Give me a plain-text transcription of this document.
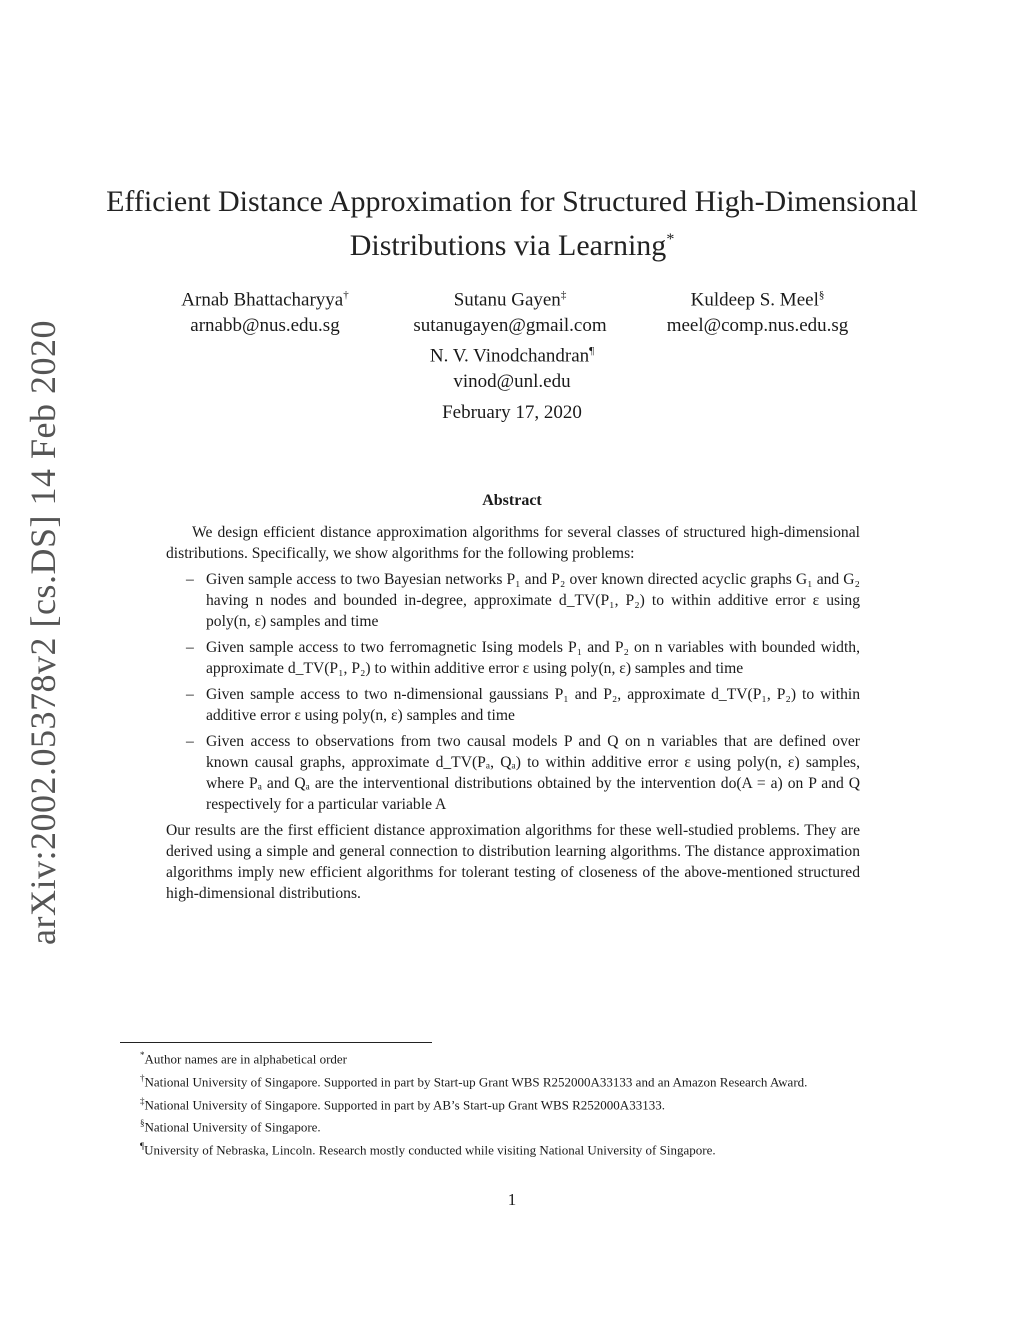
arXiv:2002.05378v2 [cs.DS] 14 Feb 2020
Efficient Distance Approximation for Structured High-Dimensional
Distributions via Learning*
Arnab Bhattacharyya†
arnabb@nus.edu.sg
Sutanu Gayen‡
sutanugayen@gmail.com
Kuldeep S. Meel§
meel@comp.nus.edu.sg
N. V. Vinodchandran¶
vinod@unl.edu
February 17, 2020
Abstract

We design efficient distance approximation algorithms for several classes of structured high-dimensional distributions. Specifically, we show algorithms for the following problems:

– Given sample access to two Bayesian networks P₁ and P₂ over known directed acyclic graphs G₁ and G₂ having n nodes and bounded in-degree, approximate d_TV(P₁, P₂) to within additive error ε using poly(n, ε) samples and time
– Given sample access to two ferromagnetic Ising models P₁ and P₂ on n variables with bounded width, approximate d_TV(P₁, P₂) to within additive error ε using poly(n, ε) samples and time
– Given sample access to two n-dimensional gaussians P₁ and P₂, approximate d_TV(P₁, P₂) to within additive error ε using poly(n, ε) samples and time
– Given access to observations from two causal models P and Q on n variables that are defined over known causal graphs, approximate d_TV(Pₐ, Qₐ) to within additive error ε using poly(n, ε) samples, where Pₐ and Qₐ are the interventional distributions obtained by the intervention do(A = a) on P and Q respectively for a particular variable A

Our results are the first efficient distance approximation algorithms for these well-studied problems. They are derived using a simple and general connection to distribution learning algorithms. The distance approximation algorithms imply new efficient algorithms for tolerant testing of closeness of the above-mentioned structured high-dimensional distributions.

*Author names are in alphabetical order

†National University of Singapore. Supported in part by Start-up Grant WBS R252000A33133 and an Amazon Research Award.

‡National University of Singapore. Supported in part by AB’s Start-up Grant WBS R252000A33133.

§National University of Singapore.

¶University of Nebraska, Lincoln. Research mostly conducted while visiting National University of Singapore.

1
